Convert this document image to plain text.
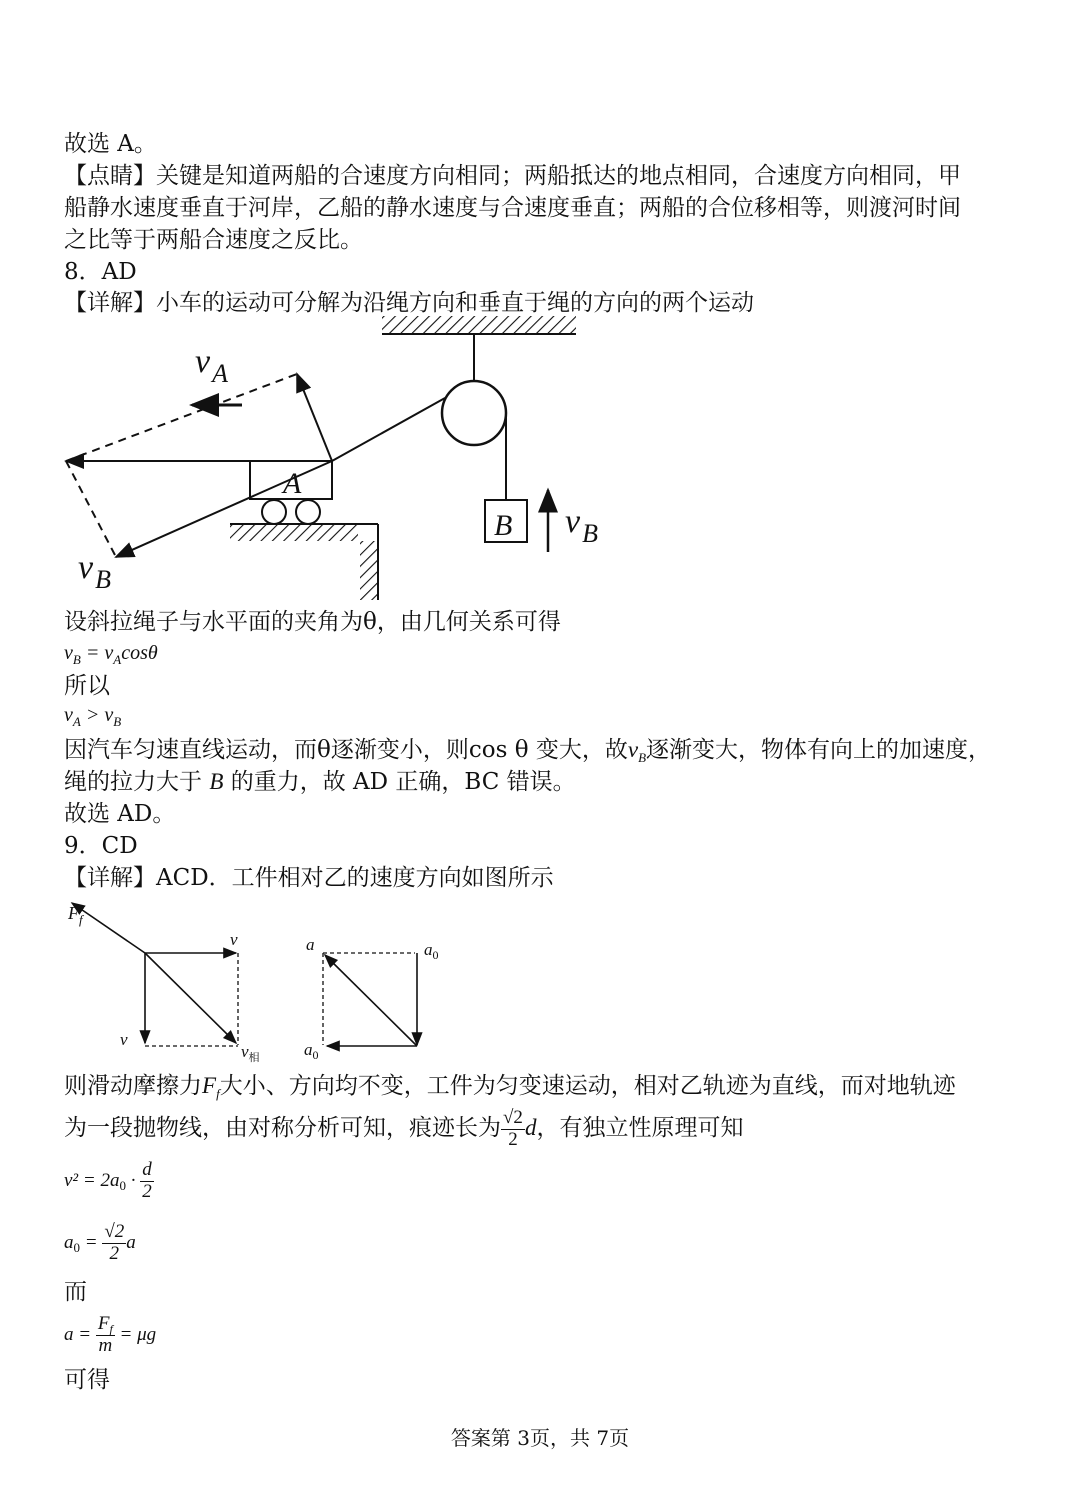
故选 A。
【点睛】关键是知道两船的合速度方向相同；两船抵达的地点相同，合速度方向相同，甲
船静水速度垂直于河岸，乙船的静水速度与合速度垂直；两船的合位移相等，则渡河时间
之比等于两船合速度之反比。
8．AD
【详解】小车的运动可分解为沿绳方向和垂直于绳的方向的两个运动
B $v_B$
A
$v_A$
$v_B$
设斜拉绳子与水平面的夹角为θ，由几何关系可得
$v_B = v_A\cos\theta$
所以
$v_A > v_B$
因汽车匀速直线运动，而θ逐渐变小，则cos θ 变大，故$v_B$逐渐变大，物体有向上的加速度，
绳的拉力大于 B 的重力，故 AD 正确，BC 错误。
故选 AD。
9．CD
【详解】ACD．工件相对乙的速度方向如图所示
$F_f$
v
v
$v_相$
a	$a_0$
$a_0$
则滑动摩擦力$F_f$大小、方向均不变，工件为匀变速运动，相对乙轨迹为直线，而对地轨迹
为一段抛物线，由对称分析可知，痕迹长为 $\frac{√2}{2}$ d，有独立性原理可知
$v^2 = 2a_0 \cdot \frac{d}{2}$
$a_0 = \frac{√2}{2}$ a
而
$a = \frac{F_f}{m} = \mu g$
可得
答案第 3页，共 7页
